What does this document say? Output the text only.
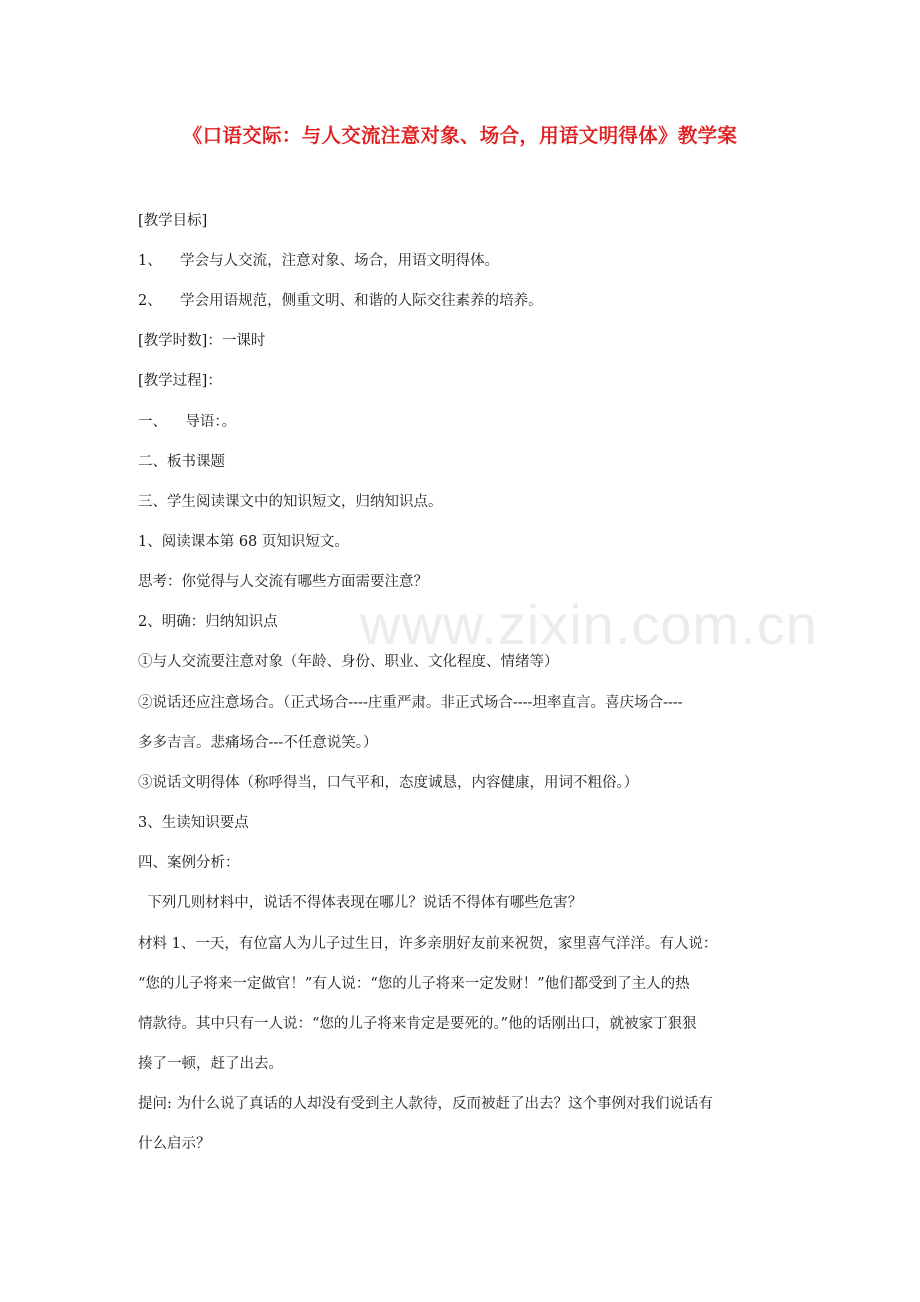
www.zixin.com.cn
《口语交际：与人交流注意对象、场合，用语文明得体》教学案
[教学目标]
1、    学会与人交流，注意对象、场合，用语文明得体。
2、    学会用语规范，侧重文明、和谐的人际交往素养的培养。
[教学时数]：一课时
[教学过程]：
一、    导语：。
二、板书课题
三、学生阅读课文中的知识短文，归纳知识点。
1、阅读课本第 68 页知识短文。
思考：你觉得与人交流有哪些方面需要注意？
2、明确：归纳知识点
①与人交流要注意对象（年龄、身份、职业、文化程度、情绪等）
②说话还应注意场合。（正式场合----庄重严肃。非正式场合----坦率直言。喜庆场合----
多多吉言。悲痛场合---不任意说笑。）
③说话文明得体（称呼得当，口气平和，态度诚恳，内容健康，用词不粗俗。）
3、生读知识要点
四、案例分析：
下列几则材料中，说话不得体表现在哪儿？说话不得体有哪些危害？
材料 1、一天，有位富人为儿子过生日，许多亲朋好友前来祝贺，家里喜气洋洋。有人说：
“您的儿子将来一定做官！”有人说：“您的儿子将来一定发财！”他们都受到了主人的热
情款待。其中只有一人说：“您的儿子将来肯定是要死的。”他的话刚出口，就被家丁狠狠
揍了一顿，赶了出去。
提问: 为什么说了真话的人却没有受到主人款待，反而被赶了出去？这个事例对我们说话有
什么启示？
